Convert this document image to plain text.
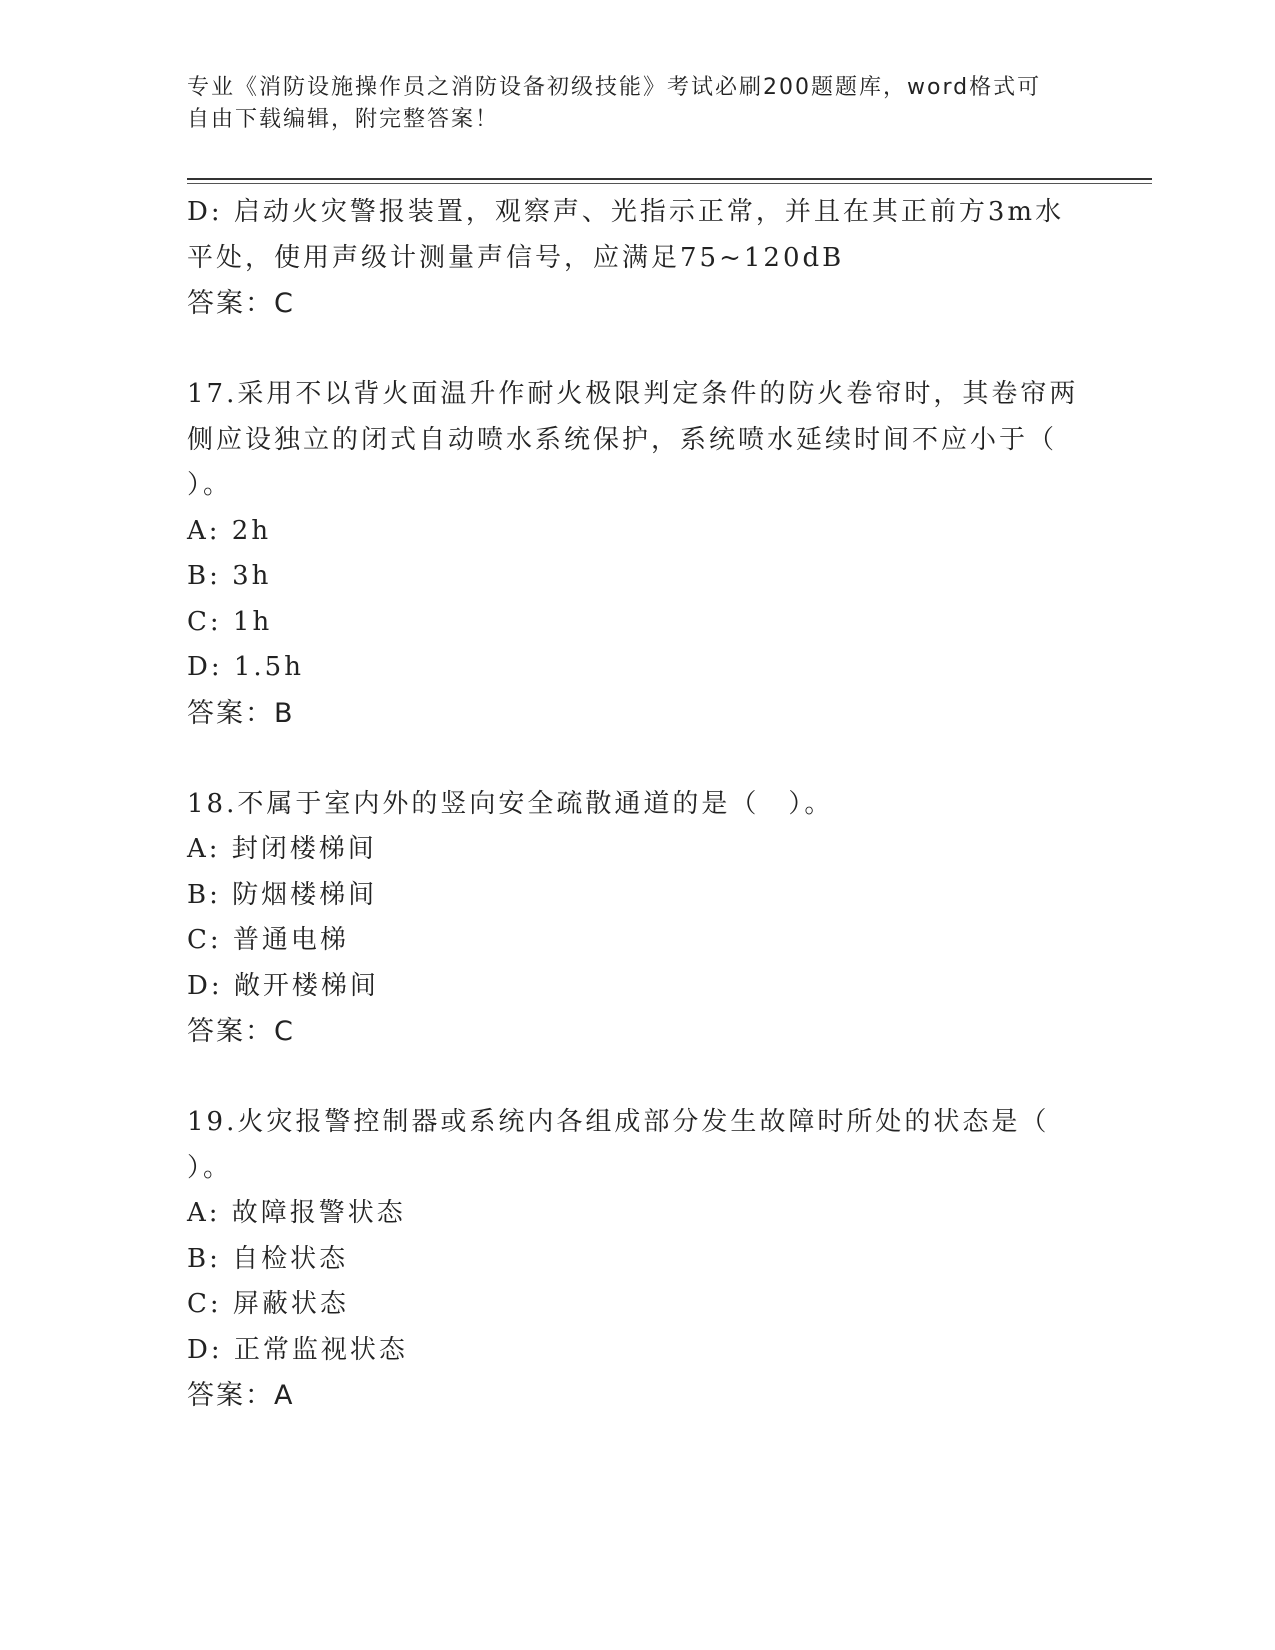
专业《消防设施操作员之消防设备初级技能》考试必刷200题题库，word格式可
自由下载编辑，附完整答案！
D: 启动火灾警报装置，观察声、光指示正常，并且在其正前方3m水
平处，使用声级计测量声信号，应满足75~120dB
答案：C
17.采用不以背火面温升作耐火极限判定条件的防火卷帘时，其卷帘两
侧应设独立的闭式自动喷水系统保护，系统喷水延续时间不应小于（
）。
A: 2h
B: 3h
C: 1h
D: 1.5h
答案：B
18.不属于室内外的竖向安全疏散通道的是（　）。
A: 封闭楼梯间
B: 防烟楼梯间
C: 普通电梯
D: 敞开楼梯间
答案：C
19.火灾报警控制器或系统内各组成部分发生故障时所处的状态是（
）。
A: 故障报警状态
B: 自检状态
C: 屏蔽状态
D: 正常监视状态
答案：A
